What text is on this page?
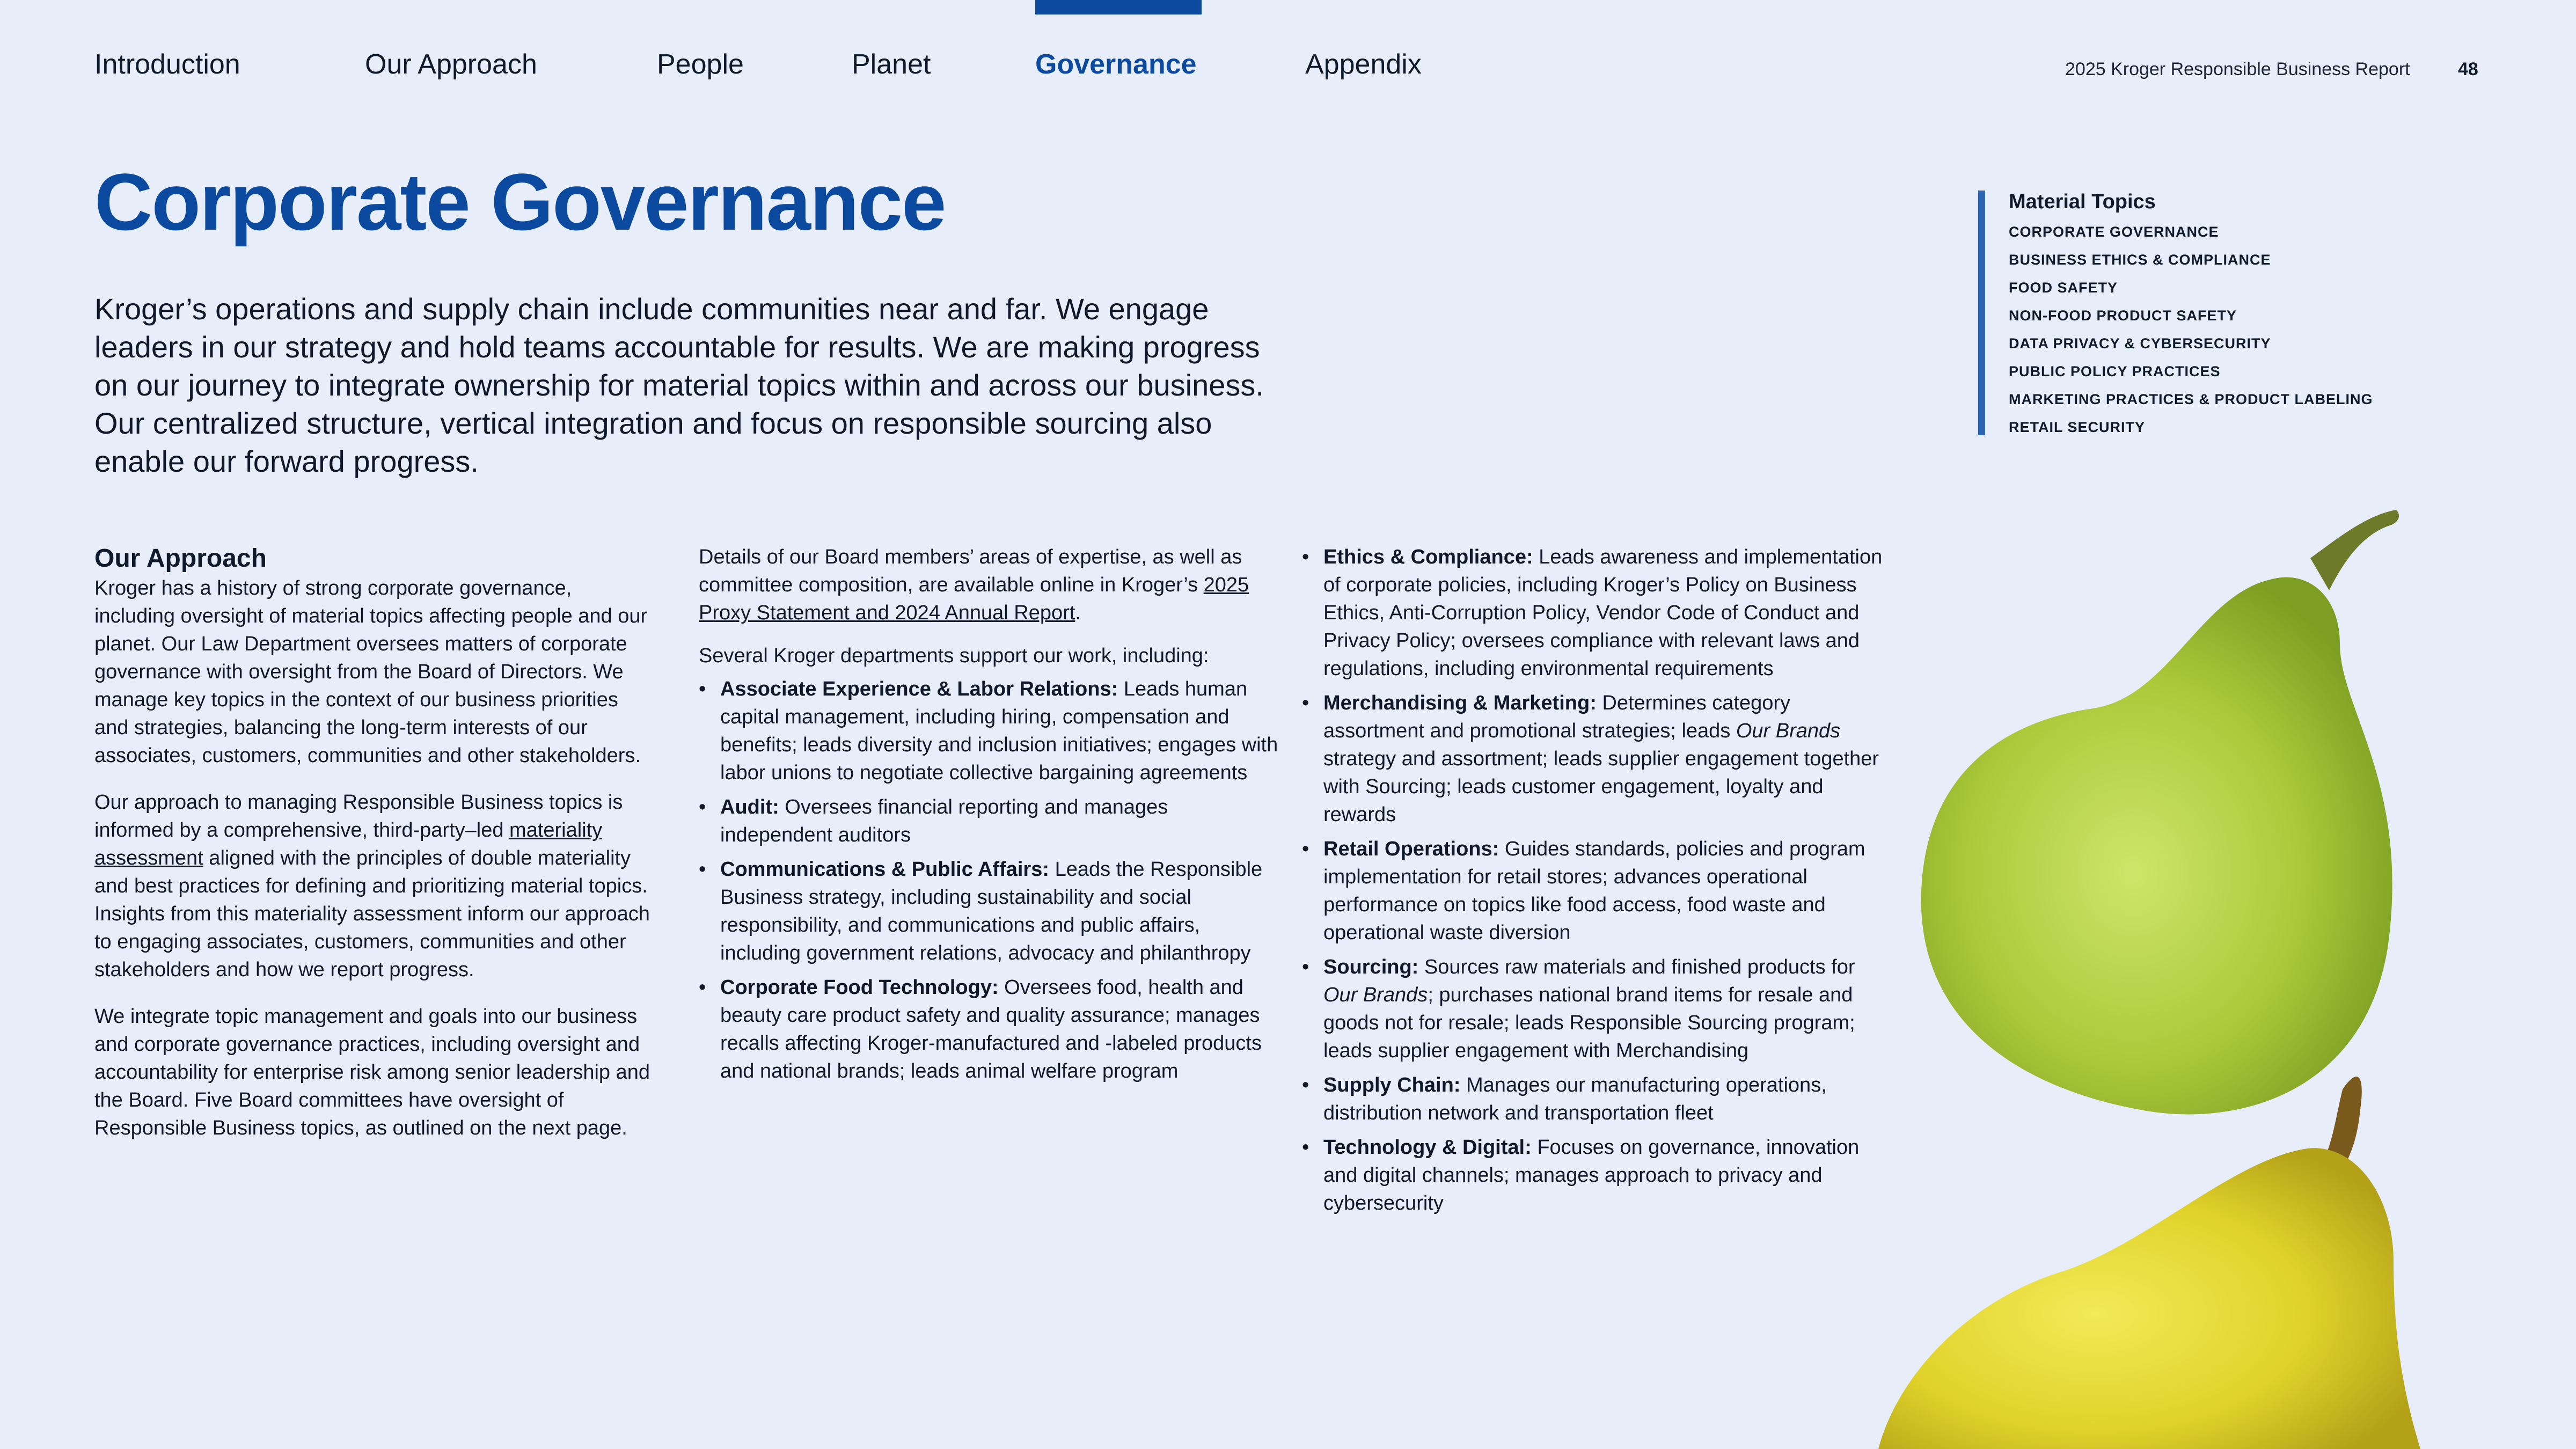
Introduction	Our Approach	People	Planet	Governance	Appendix	2025 Kroger Responsible Business Report	48
Corporate Governance

Kroger’s operations and supply chain include communities near and far. We engage leaders in our strategy and hold teams accountable for results. We are making progress on our journey to integrate ownership for material topics within and across our business. Our centralized structure, vertical integration and focus on responsible sourcing also enable our forward progress.

Material Topics
CORPORATE GOVERNANCE
BUSINESS ETHICS & COMPLIANCE
FOOD SAFETY
NON-FOOD PRODUCT SAFETY
DATA PRIVACY & CYBERSECURITY
PUBLIC POLICY PRACTICES
MARKETING PRACTICES & PRODUCT LABELING
RETAIL SECURITY
Our Approach

Kroger has a history of strong corporate governance, including oversight of material topics affecting people and our planet. Our Law Department oversees matters of corporate governance with oversight from the Board of Directors. We manage key topics in the context of our business priorities and strategies, balancing the long-term interests of our associates, customers, communities and other stakeholders.

Our approach to managing Responsible Business topics is informed by a comprehensive, third-party–led materiality assessment aligned with the principles of double materiality and best practices for defining and prioritizing material topics. Insights from this materiality assessment inform our approach to engaging associates, customers, communities and other stakeholders and how we report progress.

We integrate topic management and goals into our business and corporate governance practices, including oversight and accountability for enterprise risk among senior leadership and the Board. Five Board committees have oversight of Responsible Business topics, as outlined on the next page.

Details of our Board members’ areas of expertise, as well as committee composition, are available online in Kroger’s 2025 Proxy Statement and 2024 Annual Report.

Several Kroger departments support our work, including:

• Associate Experience & Labor Relations: Leads human capital management, including hiring, compensation and benefits; leads diversity and inclusion initiatives; engages with labor unions to negotiate collective bargaining agreements
• Audit: Oversees financial reporting and manages independent auditors
• Communications & Public Affairs: Leads the Responsible Business strategy, including sustainability and social responsibility, and communications and public affairs, including government relations, advocacy and philanthropy
• Corporate Food Technology: Oversees food, health and beauty care product safety and quality assurance; manages recalls affecting Kroger-manufactured and -labeled products and national brands; leads animal welfare program
• Ethics & Compliance: Leads awareness and implementation of corporate policies, including Kroger’s Policy on Business Ethics, Anti-Corruption Policy, Vendor Code of Conduct and Privacy Policy; oversees compliance with relevant laws and regulations, including environmental requirements
• Merchandising & Marketing: Determines category assortment and promotional strategies; leads Our Brands strategy and assortment; leads supplier engagement together with Sourcing; leads customer engagement, loyalty and rewards
• Retail Operations: Guides standards, policies and program implementation for retail stores; advances operational performance on topics like food access, food waste and operational waste diversion
• Sourcing: Sources raw materials and finished products for Our Brands; purchases national brand items for resale and goods not for resale; leads Responsible Sourcing program; leads supplier engagement with Merchandising
• Supply Chain: Manages our manufacturing operations, distribution network and transportation fleet
• Technology & Digital: Focuses on governance, innovation and digital channels; manages approach to privacy and cybersecurity
